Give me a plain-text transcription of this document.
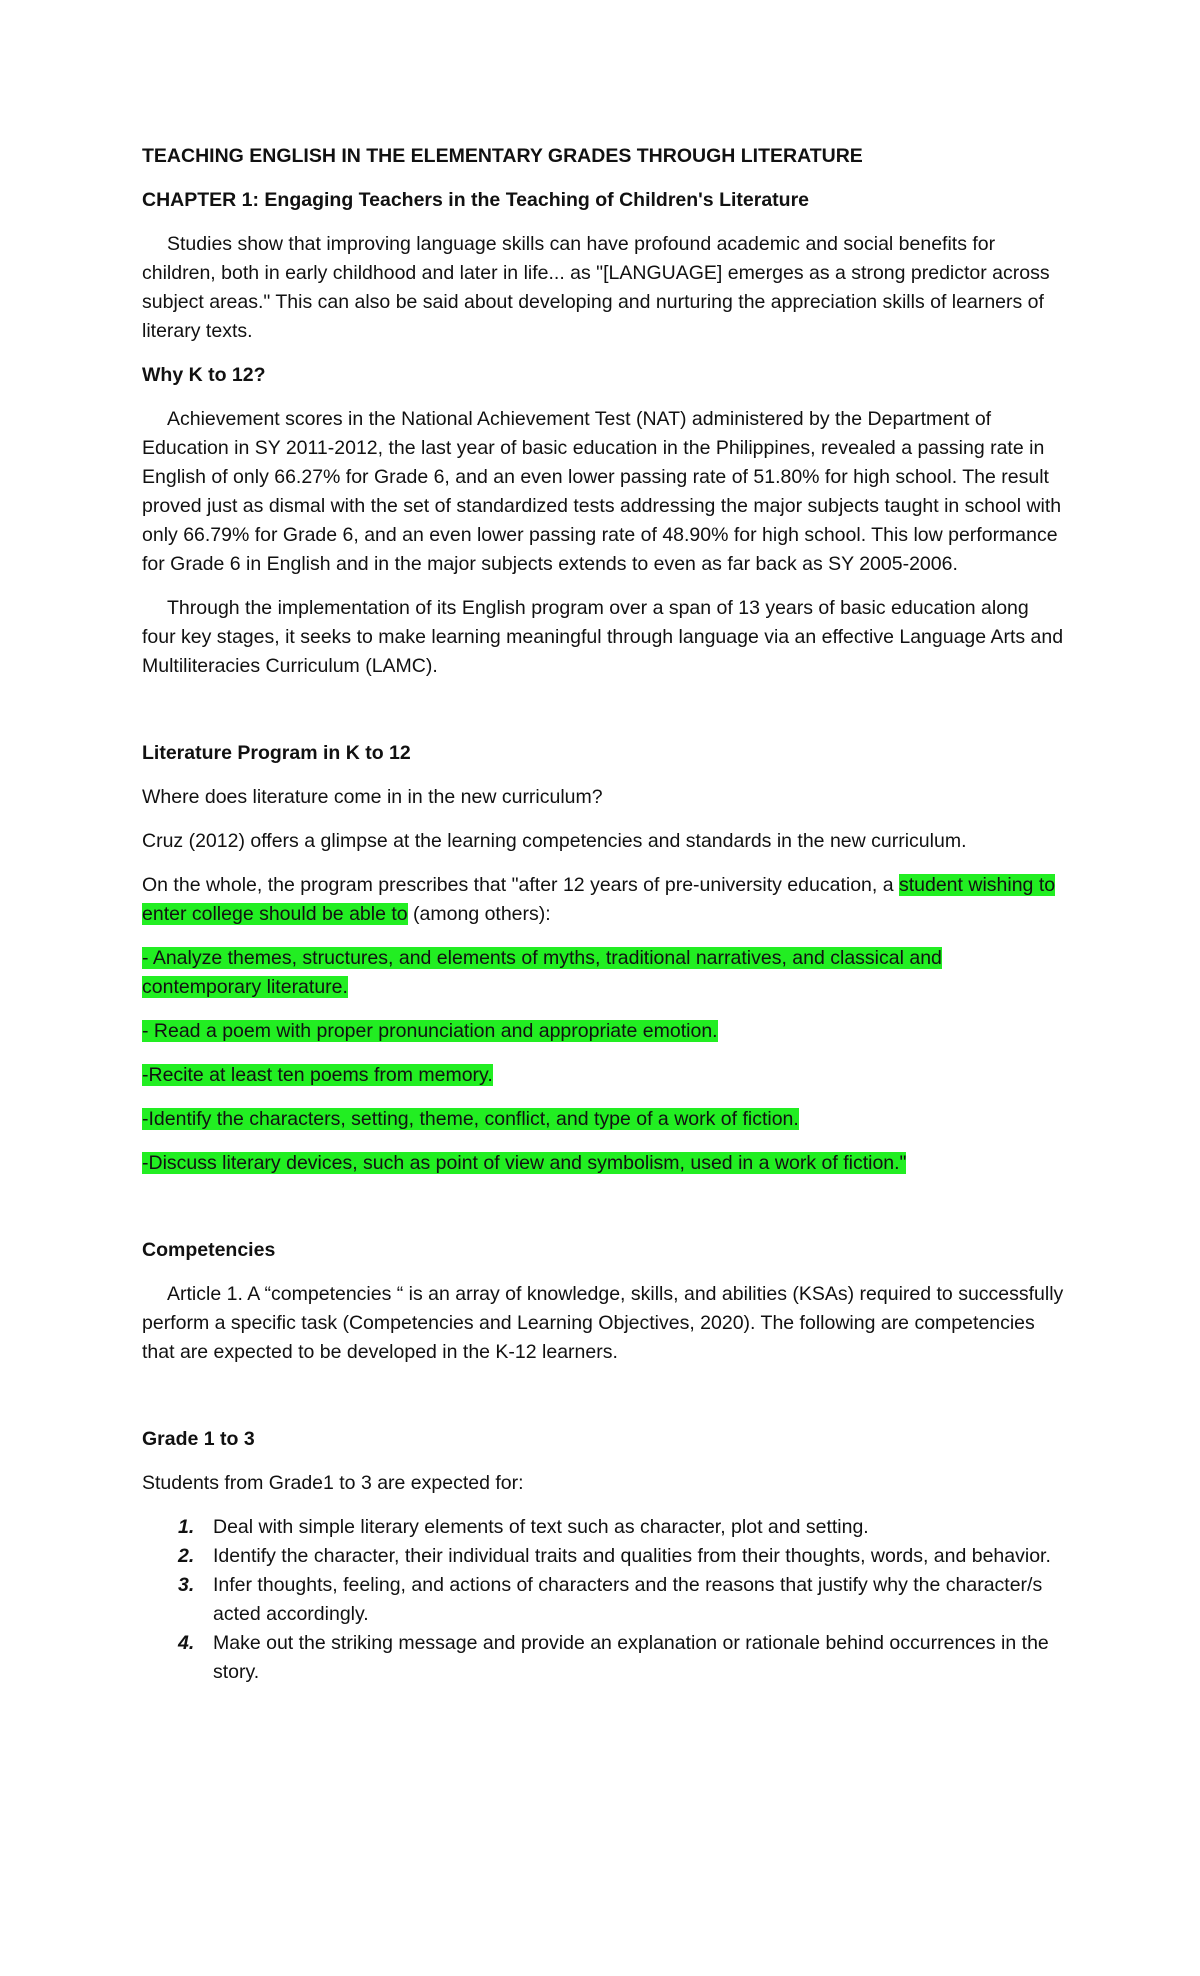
TEACHING ENGLISH IN THE ELEMENTARY GRADES THROUGH LITERATURE

CHAPTER 1: Engaging Teachers in the Teaching of Children's Literature

Studies show that improving language skills can have profound academic and social benefits for children, both in early childhood and later in life... as "[LANGUAGE] emerges as a strong predictor across subject areas." This can also be said about developing and nurturing the appreciation skills of learners of literary texts.

Why K to 12?

Achievement scores in the National Achievement Test (NAT) administered by the Department of Education in SY 2011-2012, the last year of basic education in the Philippines, revealed a passing rate in English of only 66.27% for Grade 6, and an even lower passing rate of 51.80% for high school. The result proved just as dismal with the set of standardized tests addressing the major subjects taught in school with only 66.79% for Grade 6, and an even lower passing rate of 48.90% for high school. This low performance for Grade 6 in English and in the major subjects extends to even as far back as SY 2005-2006.

Through the implementation of its English program over a span of 13 years of basic education along four key stages, it seeks to make learning meaningful through language via an effective Language Arts and Multiliteracies Curriculum (LAMC).

Literature Program in K to 12

Where does literature come in in the new curriculum?

Cruz (2012) offers a glimpse at the learning competencies and standards in the new curriculum.

On the whole, the program prescribes that "after 12 years of pre-university education, a student wishing to enter college should be able to (among others):

- Analyze themes, structures, and elements of myths, traditional narratives, and classical and contemporary literature.

- Read a poem with proper pronunciation and appropriate emotion.

-Recite at least ten poems from memory.

-Identify the characters, setting, theme, conflict, and type of a work of fiction.

-Discuss literary devices, such as point of view and symbolism, used in a work of fiction."

Competencies

Article 1. A “competencies “ is an array of knowledge, skills, and abilities (KSAs) required to successfully perform a specific task (Competencies and Learning Objectives, 2020). The following are competencies that are expected to be developed in the K-12 learners.

Grade 1 to 3

Students from Grade1 to 3 are expected for:

1. Deal with simple literary elements of text such as character, plot and setting.
2. Identify the character, their individual traits and qualities from their thoughts, words, and behavior.
3. Infer thoughts, feeling, and actions of characters and the reasons that justify why the character/s acted accordingly.
4. Make out the striking message and provide an explanation or rationale behind occurrences in the story.
